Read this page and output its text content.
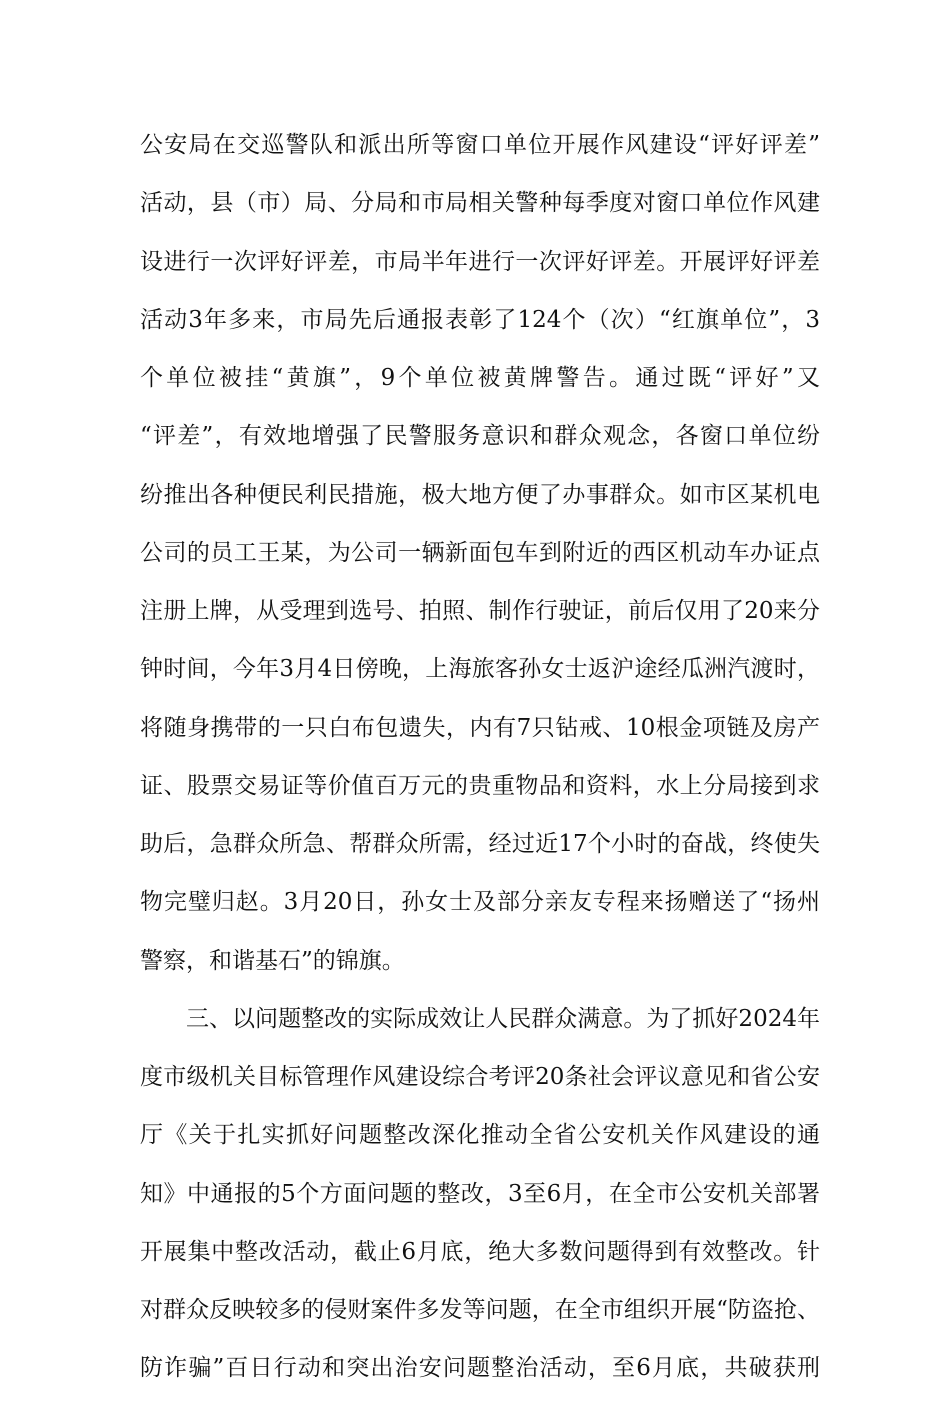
公安局在交巡警队和派出所等窗口单位开展作风建设“评好评差”
活动，县（市）局、分局和市局相关警种每季度对窗口单位作风建
设进行一次评好评差，市局半年进行一次评好评差。开展评好评差
活动3年多来，市局先后通报表彰了124个（次）“红旗单位”，3
个单位被挂“黄旗”，9个单位被黄牌警告。通过既“评好”又
“评差”，有效地增强了民警服务意识和群众观念，各窗口单位纷
纷推出各种便民利民措施，极大地方便了办事群众。如市区某机电
公司的员工王某，为公司一辆新面包车到附近的西区机动车办证点
注册上牌，从受理到选号、拍照、制作行驶证，前后仅用了20来分
钟时间，今年3月4日傍晚，上海旅客孙女士返沪途经瓜洲汽渡时，
将随身携带的一只白布包遗失，内有7只钻戒、10根金项链及房产
证、股票交易证等价值百万元的贵重物品和资料，水上分局接到求
助后，急群众所急、帮群众所需，经过近17个小时的奋战，终使失
物完璧归赵。3月20日，孙女士及部分亲友专程来扬赠送了“扬州
警察，和谐基石”的锦旗。
三、以问题整改的实际成效让人民群众满意。为了抓好2024年
度市级机关目标管理作风建设综合考评20条社会评议意见和省公安
厅《关于扎实抓好问题整改深化推动全省公安机关作风建设的通
知》中通报的5个方面问题的整改，3至6月，在全市公安机关部署
开展集中整改活动，截止6月底，绝大多数问题得到有效整改。针
对群众反映较多的侵财案件多发等问题，在全市组织开展“防盗抢、
防诈骗”百日行动和突出治安问题整治活动，至6月底，共破获刑
